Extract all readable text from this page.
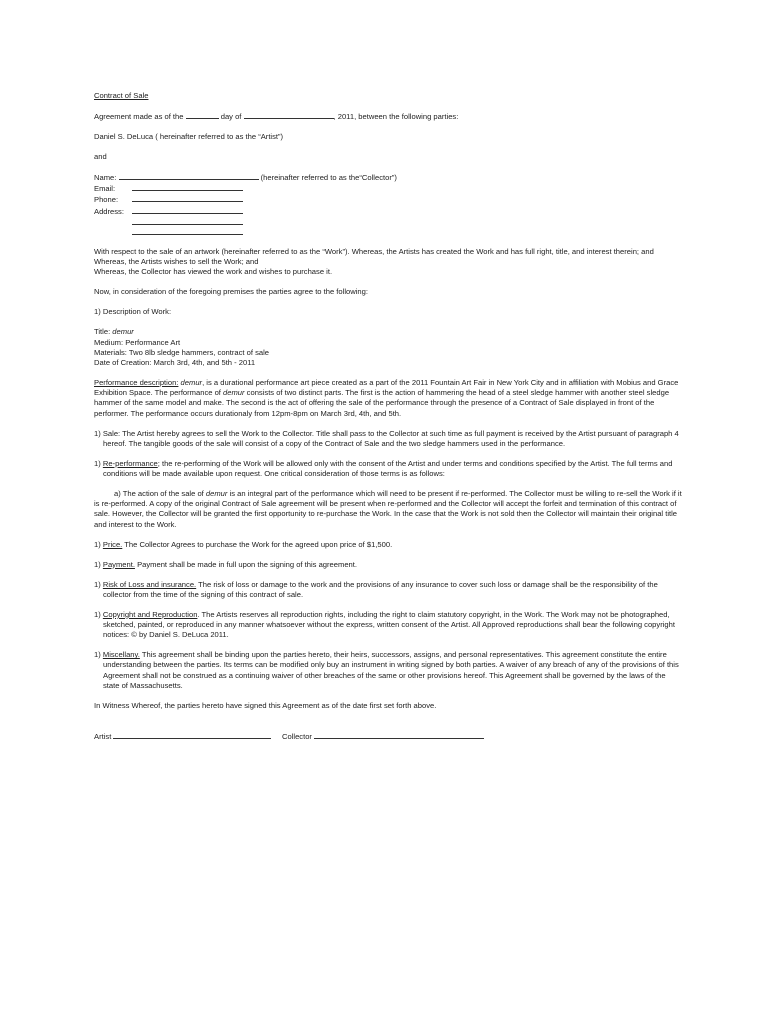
Contract of Sale

Agreement made as of the	day of	, 2011, between the following parties:

Daniel S. DeLuca ( hereinafter referred to as the “Artist”)

and

Name:	(hereinafter referred to as the“Collector”)

Email:

Phone:

Address:

With respect to the sale of an artwork (hereinafter referred to as the “Work”). Whereas, the Artists has created the Work and has full right, title, and interest therein; and Whereas, the Artists wishes to sell the Work; and

Whereas, the Collector has viewed the work and wishes to purchase it.

Now, in consideration of the foregoing premises the parties agree to the following:

1) Description of Work:

Title: demur

Medium: Performance Art

Materials: Two 8lb sledge hammers, contract of sale

Date of Creation: March 3rd, 4th, and 5th - 2011

Performance description: demur, is a durational performance art piece created as a part of the 2011 Fountain Art Fair in New York City and in affiliation with Mobius and Grace Exhibition Space. The performance of demur consists of two distinct parts. The first is the action of hammering the head of a steel sledge hammer with another steel sledge hammer of the same model and make. The second is the act of offering the sale of the performance through the presence of a Contract of Sale displayed in front of the performer. The performance occurs durationaly from 12pm-8pm on March 3rd, 4th, and 5th.

1) Sale: The Artist hereby agrees to sell the Work to the Collector. Title shall pass to the Collector at such time as full payment is received by the Artist pursuant of paragraph 4 hereof. The tangible goods of the sale will consist of a copy of the Contract of Sale and the two sledge hammers used in the performance.

1) Re-performance; the re-performing of the Work will be allowed only with the consent of the Artist and under terms and conditions specified by the Artist. The full terms and conditions will be made available upon request. One critical consideration of those terms is as follows:

a) The action of the sale of demur is an integral part of the performance which will need to be present if re-performed. The Collector must be willing to re-sell the Work if it is re-performed. A copy of the original Contract of Sale agreement will be present when re-performed and the Collector will accept the forfeit and termination of this contract of sale. However, the Collector will be granted the first opportunity to re-purchase the Work. In the case that the Work is not sold then the Collector will maintain their original title and interest to the Work.

1) Price. The Collector Agrees to purchase the Work for the agreed upon price of $1,500.

1) Payment. Payment shall be made in full upon the signing of this agreement.

1) Risk of Loss and insurance. The risk of loss or damage to the work and the provisions of any insurance to cover such loss or damage shall be the responsibility of the collector from the time of the signing of this contract of sale.

1) Copyright and Reproduction. The Artists reserves all reproduction rights, including the right to claim statutory copyright, in the Work. The Work may not be photographed, sketched, painted, or reproduced in any manner whatsoever without the express, written consent of the Artist. All Approved reproductions shall bear the following copyright notices: © by Daniel S. DeLuca 2011.

1) Miscellany. This agreement shall be binding upon the parties hereto, their heirs, successors, assigns, and personal representatives. This agreement constitute the entire understanding between the parties. Its terms can be modified only buy an instrument in writing signed by both parties. A waiver of any breach of any of the provisions of this Agreement shall not be construed as a continuing waiver of other breaches of the same or other provisions hereof. This Agreement shall be governed by the laws of the state of Massachusetts.

In Witness Whereof, the parties hereto have signed this Agreement as of the date first set forth above.

Artist	Collector
